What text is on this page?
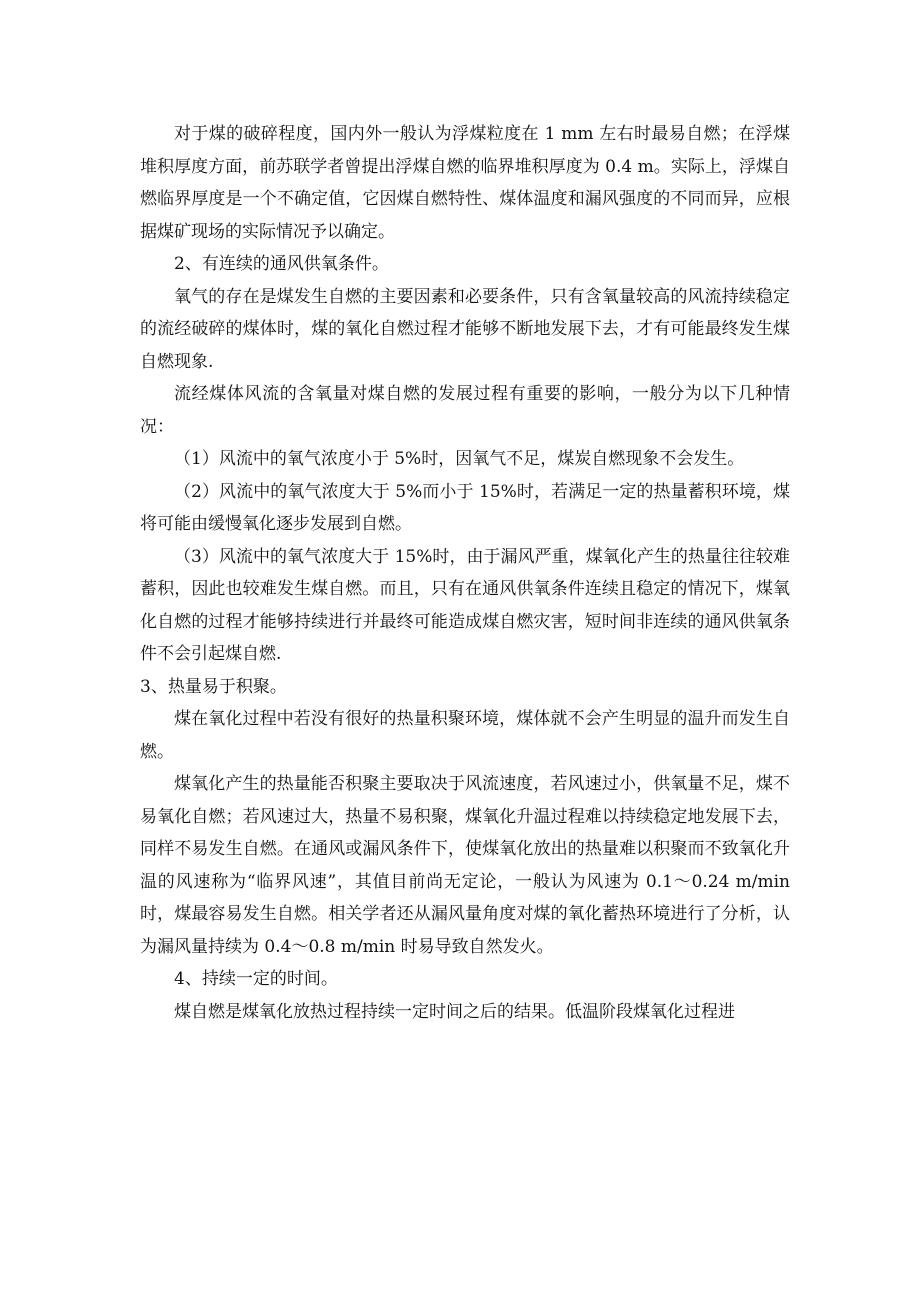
对于煤的破碎程度，国内外一般认为浮煤粒度在 1 mm 左右时最易自燃；在浮煤堆积厚度方面，前苏联学者曾提出浮煤自燃的临界堆积厚度为 0.4 m。实际上，浮煤自燃临界厚度是一个不确定值，它因煤自燃特性、煤体温度和漏风强度的不同而异，应根据煤矿现场的实际情况予以确定。

2、有连续的通风供氧条件。

氧气的存在是煤发生自燃的主要因素和必要条件，只有含氧量较高的风流持续稳定的流经破碎的煤体时，煤的氧化自燃过程才能够不断地发展下去，才有可能最终发生煤自燃现象.

流经煤体风流的含氧量对煤自燃的发展过程有重要的影响，一般分为以下几种情况：

（1）风流中的氧气浓度小于 5%时，因氧气不足，煤炭自燃现象不会发生。

（2）风流中的氧气浓度大于 5%而小于 15%时，若满足一定的热量蓄积环境，煤将可能由缓慢氧化逐步发展到自燃。

（3）风流中的氧气浓度大于 15%时，由于漏风严重，煤氧化产生的热量往往较难蓄积，因此也较难发生煤自燃。而且，只有在通风供氧条件连续且稳定的情况下，煤氧化自燃的过程才能够持续进行并最终可能造成煤自燃灾害，短时间非连续的通风供氧条件不会引起煤自燃.

3、热量易于积聚。

煤在氧化过程中若没有很好的热量积聚环境，煤体就不会产生明显的温升而发生自燃。

煤氧化产生的热量能否积聚主要取决于风流速度，若风速过小，供氧量不足，煤不易氧化自燃；若风速过大，热量不易积聚，煤氧化升温过程难以持续稳定地发展下去，同样不易发生自燃。在通风或漏风条件下，使煤氧化放出的热量难以积聚而不致氧化升温的风速称为“临界风速”，其值目前尚无定论，一般认为风速为 0.1～0.24 m/min 时，煤最容易发生自燃。相关学者还从漏风量角度对煤的氧化蓄热环境进行了分析，认为漏风量持续为 0.4～0.8 m/min 时易导致自然发火。

4、持续一定的时间。

煤自燃是煤氧化放热过程持续一定时间之后的结果。低温阶段煤氧化过程进
